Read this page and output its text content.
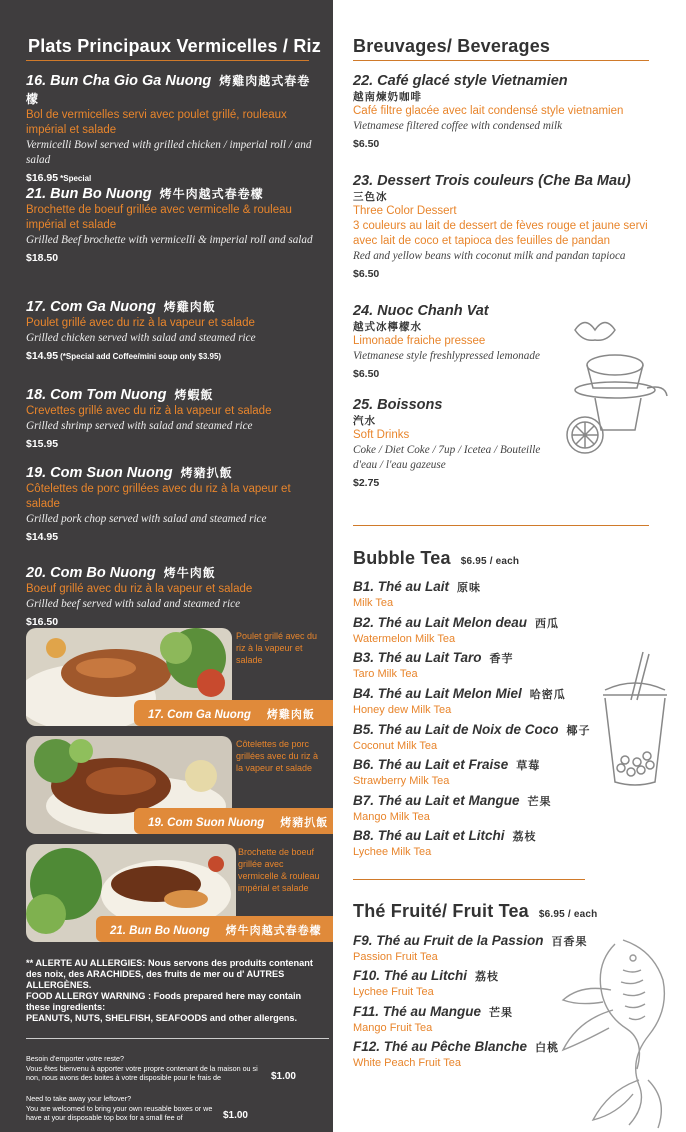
Plats Principaux Vermicelles / Riz
16. Bun Cha Gio Ga Nuong 烤雞肉越式春卷檬
Bol de vermicelles servi avec poulet grillé, rouleaux impérial et salade
Vermicelli Bowl served with grilled chicken / imperial roll / and salad
$16.95 *Special
21. Bun Bo Nuong 烤牛肉越式春卷檬
Brochette de boeuf grillée avec vermicelle & rouleau impérial et salade
Grilled Beef brochette with vermicelli & imperial roll and salad
$18.50
17. Com Ga Nuong 烤雞肉飯
Poulet grillé avec du riz à la vapeur et salade
Grilled chicken served with salad and steamed rice
$14.95 (*Special add Coffee/mini soup only $3.95)
18. Com Tom Nuong 烤蝦飯
Crevettes grillé avec du riz à la vapeur et salade
Grilled shrimp served with salad and steamed rice
$15.95
19. Com Suon Nuong 烤豬扒飯
Côtelettes de porc grillées avec du riz à la vapeur et salade
Grilled pork chop served with salad and steamed rice
$14.95
20. Com Bo Nuong 烤牛肉飯
Boeuf grillé avec du riz à la vapeur et salade
Grilled beef served with salad and steamed rice
$16.50
Poulet grillé avec du riz à la vapeur et salade
17. Com Ga Nuong 烤雞肉飯
Côtelettes de porc grillées avec du riz à la vapeur et salade
19. Com Suon Nuong 烤豬扒飯
Brochette de boeuf grillée avec vermicelle & rouleau impérial et salade
21. Bun Bo Nuong 烤牛肉越式春卷檬
** ALERTE AU ALLERGIES: Nous servons des produits contenant des noix, des ARACHIDES, des fruits de mer ou d' AUTRES ALLERGÈNES.
FOOD ALLERGY WARNING : Foods prepared here may contain these ingredients:
PEANUTS, NUTS, SHELFISH, SEAFOODS and other allergens.
Besoin d'emporter votre reste?
Vous êtes bienvenu à apporter votre propre contenant de la maison ou si non, nous avons des boites à votre disposible pour le frais de	$1.00
Need to take away your leftover?
You are welcomed to bring your own reusable boxes or we have at your disposable top box for a small fee of	$1.00
Breuvages/ Beverages
22. Café glacé style Vietnamien
越南煉奶咖啡
Café filtre glacée avec lait condensé style vietnamien
Vietnamese filtered coffee with condensed milk
$6.50
23. Dessert Trois couleurs (Che Ba Mau)
三色冰
Three Color Dessert
3 couleurs au lait de dessert de fèves rouge et jaune servi avec lait de coco et tapioca des feuilles de pandan
Red and yellow beans with coconut milk and pandan tapioca
$6.50
24. Nuoc Chanh Vat
越式冰檸檬水
Limonade fraiche pressee
Vietmanese style freshlypressed lemonade
$6.50
25. Boissons
汽水
Soft Drinks
Coke / Diet Coke / 7up / Icetea / Bouteille d'eau / l'eau gazeuse
$2.75
Bubble Tea $6.95 / each
B1. Thé au Lait 原味
Milk Tea
B2. Thé au Lait Melon deau 西瓜
Watermelon Milk Tea
B3. Thé au Lait Taro 香芋
Taro Milk Tea
B4. Thé au Lait Melon Miel 哈密瓜
Honey dew Milk Tea
B5. Thé au Lait de Noix de Coco 椰子
Coconut Milk Tea
B6. Thé au Lait et Fraise 草莓
Strawberry Milk Tea
B7. Thé au Lait et Mangue 芒果
Mango Milk Tea
B8. Thé au Lait et Litchi 荔枝
Lychee Milk Tea
Thé Fruité/ Fruit Tea $6.95 / each
F9. Thé au Fruit de la Passion 百香果
Passion Fruit Tea
F10. Thé au Litchi 荔枝
Lychee Fruit Tea
F11. Thé au Mangue 芒果
Mango Fruit Tea
F12. Thé au Pêche Blanche 白桃
White Peach Fruit Tea
